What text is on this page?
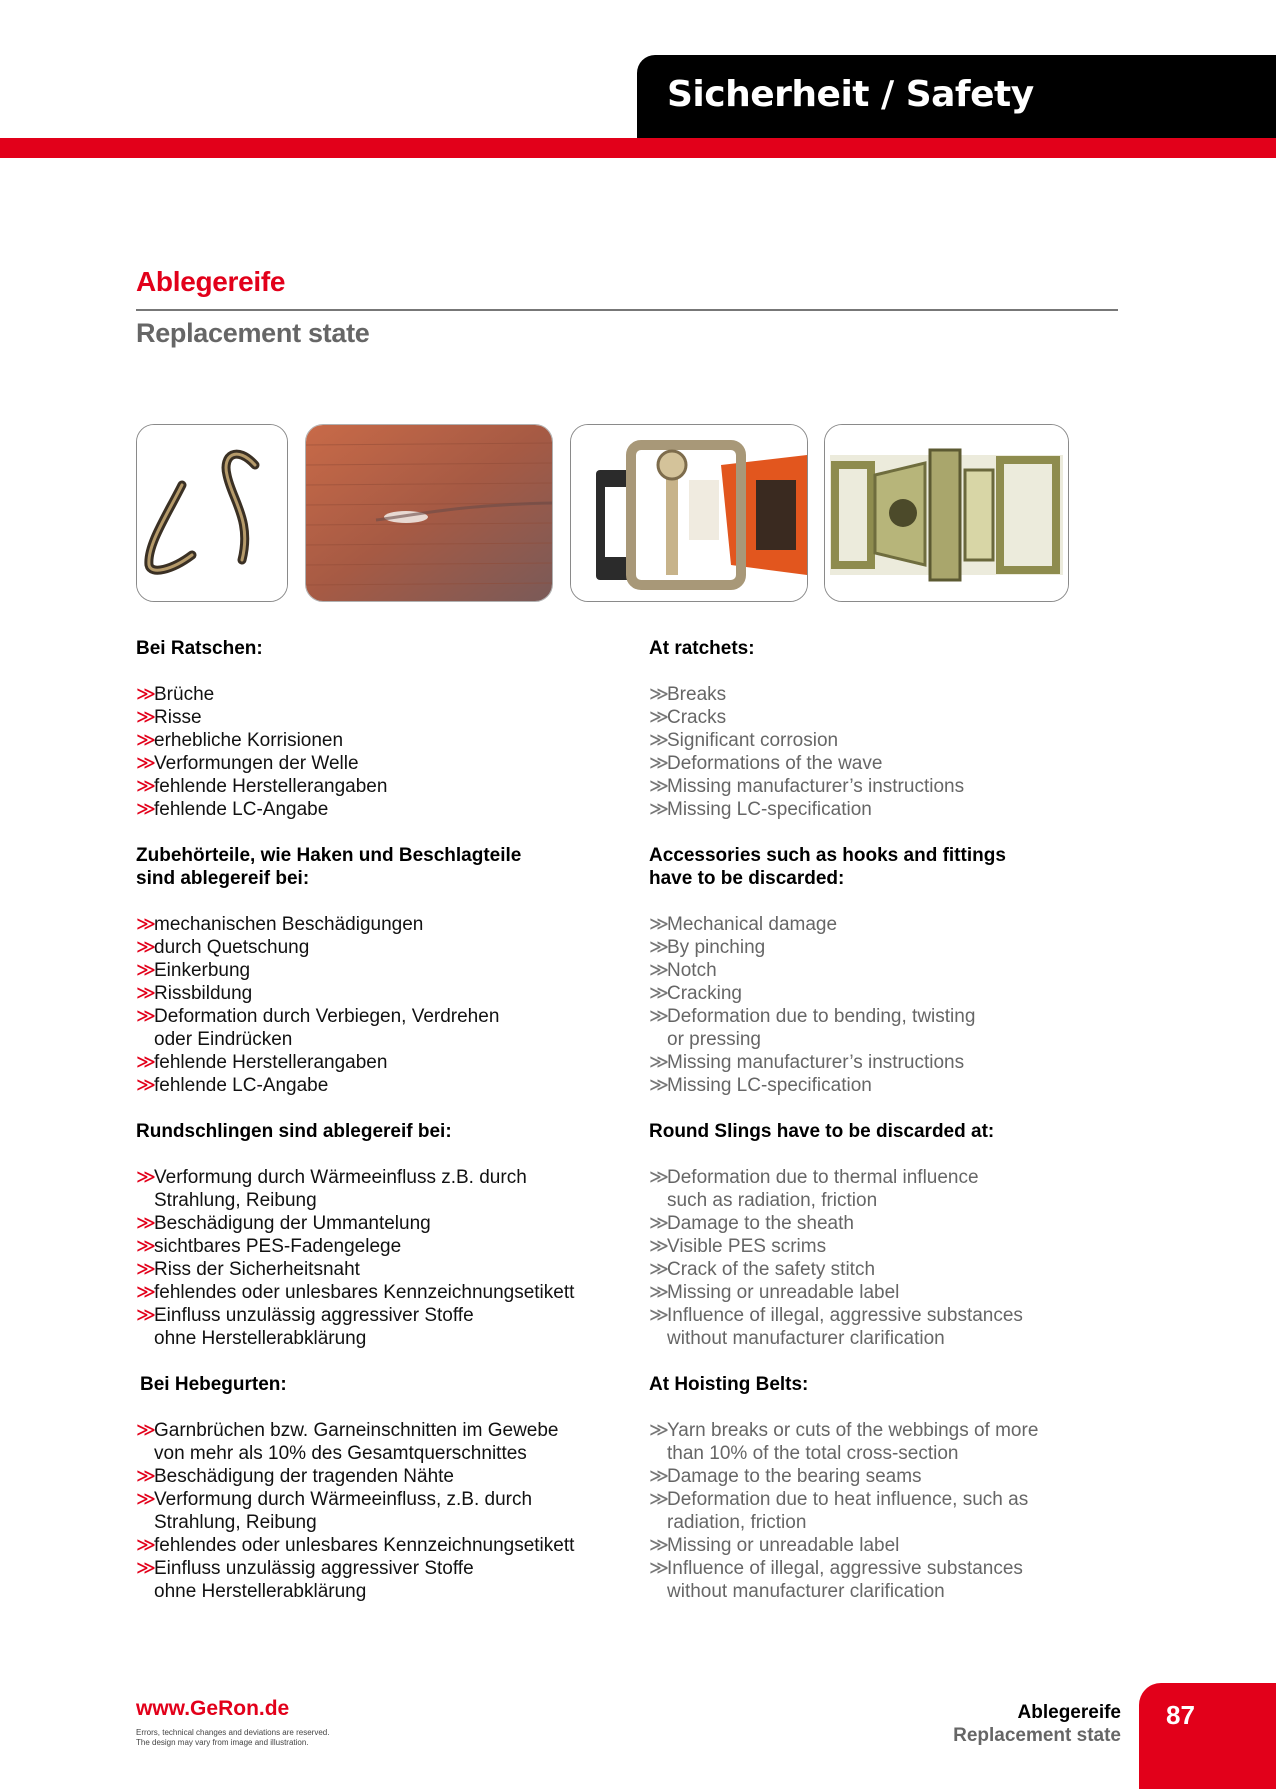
Sicherheit / Safety
Ablegereife
Replacement state
Bei Ratschen:
≫
Brüche
≫
Risse
≫
erhebliche Korrisionen
≫
Verformungen der Welle
≫
fehlende Herstellerangaben
≫
fehlende LC-Angabe
Zubehörteile, wie Haken und Beschlagteile
sind ablegereif bei:
≫
mechanischen Beschädigungen
≫
durch Quetschung
≫
Einkerbung
≫
Rissbildung
≫
Deformation durch Verbiegen, Verdrehen
oder Eindrücken
≫
fehlende Herstellerangaben
≫
fehlende LC-Angabe
Rundschlingen sind ablegereif bei:
≫
Verformung durch Wärmeeinfluss z.B. durch
Strahlung, Reibung
≫
Beschädigung der Ummantelung
≫
sichtbares PES-Fadengelege
≫
Riss der Sicherheitsnaht
≫
fehlendes oder unlesbares Kennzeichnungsetikett
≫
Einfluss unzulässig aggressiver Stoffe
ohne Herstellerabklärung
Bei Hebegurten:
≫
Garnbrüchen bzw. Garneinschnitten im Gewebe
von mehr als 10% des Gesamtquerschnittes
≫
Beschädigung der tragenden Nähte
≫
Verformung durch Wärmeeinfluss, z.B. durch
Strahlung, Reibung
≫
fehlendes oder unlesbares Kennzeichnungsetikett
≫
Einfluss unzulässig aggressiver Stoffe
ohne Herstellerabklärung
At ratchets:
≫
Breaks
≫
Cracks
≫
Significant corrosion
≫
Deformations of the wave
≫
Missing manufacturer’s instructions
≫
Missing LC-specification
Accessories such as hooks and fittings
have to be discarded:
≫
Mechanical damage
≫
By pinching
≫
Notch
≫
Cracking
≫
Deformation due to bending, twisting
or pressing
≫
Missing manufacturer’s instructions
≫
Missing LC-specification
Round Slings have to be discarded at:
≫
Deformation due to thermal influence
such as radiation, friction
≫
Damage to the sheath
≫
Visible PES scrims
≫
Crack of the safety stitch
≫
Missing or unreadable label
≫
Influence of illegal, aggressive substances
without manufacturer clarification
At Hoisting Belts:
≫
Yarn breaks or cuts of the webbings of more
than 10% of the total cross-section
≫
Damage to the bearing seams
≫
Deformation due to heat influence, such as
radiation, friction
≫
Missing or unreadable label
≫
Influence of illegal, aggressive substances
without manufacturer clarification
www.GeRon.de
Errors, technical changes and deviations are reserved.
The design may vary from image and illustration.
Ablegereife
Replacement state
87
